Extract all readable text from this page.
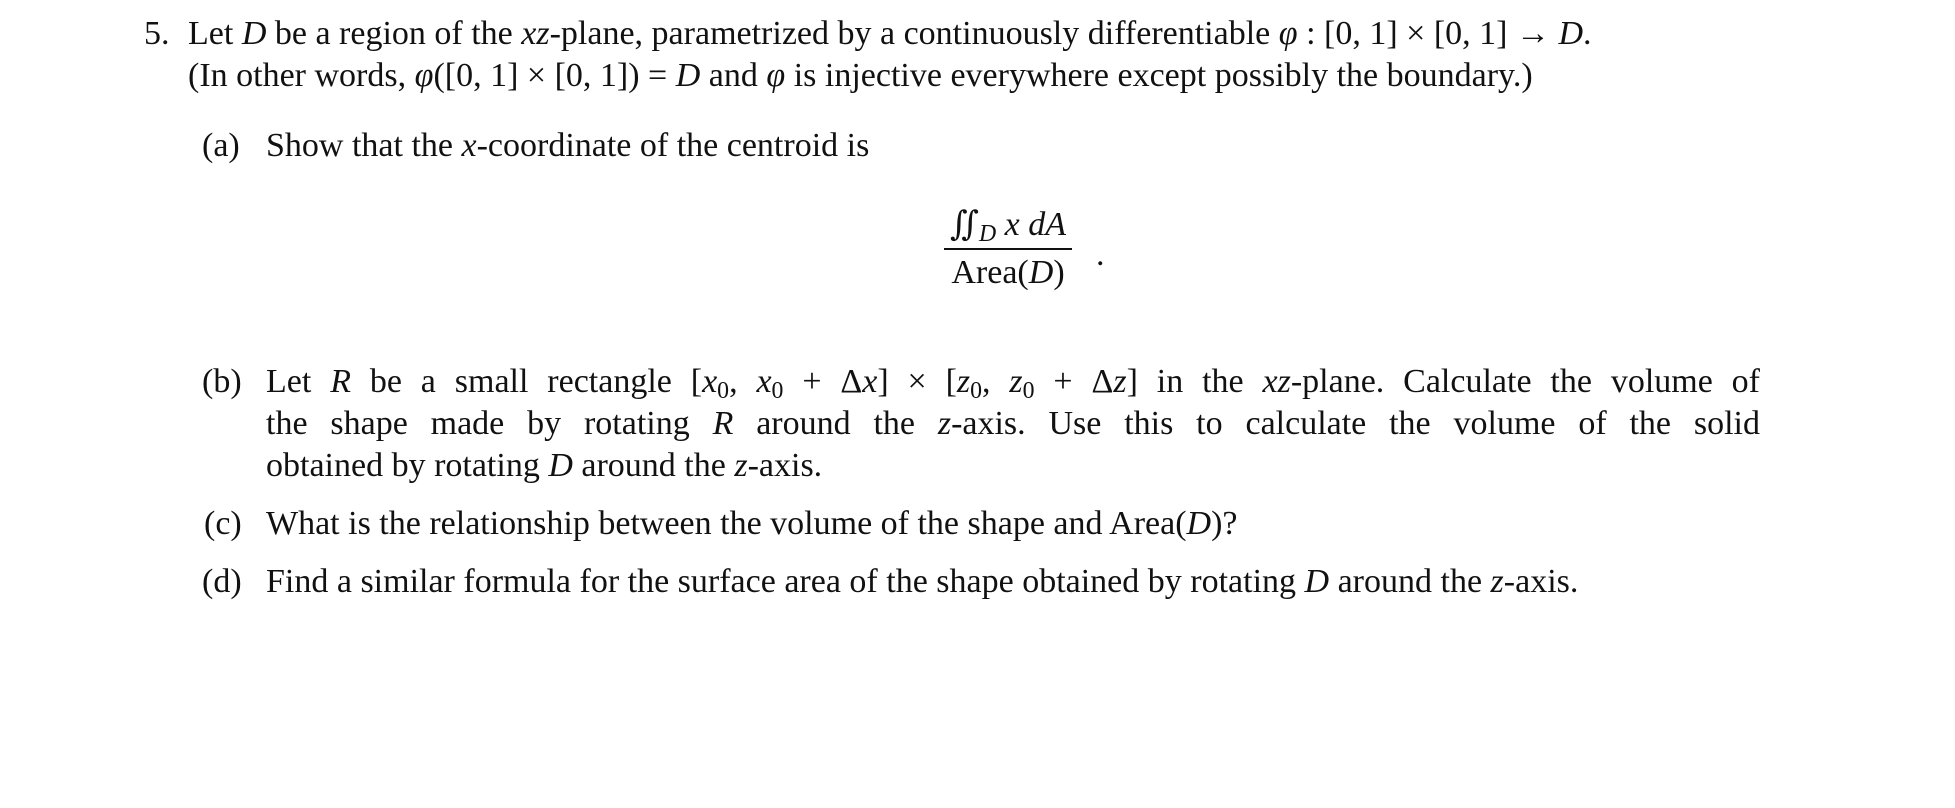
5. Let D be a region of the xz-plane, parametrized by a continuously differentiable φ : [0, 1] × [0, 1] → D.
(In other words, φ([0, 1] × [0, 1]) = D and φ is injective everywhere except possibly the boundary.)
(a) Show that the x-coordinate of the centroid is
$∬_D$ x dA
Area(D) .
(b) Let R be a small rectangle [$x_0$, $x_0 + \Delta x] \times [z_0$, $z_0 + \Delta z$] in the xz-plane. Calculate the volume of
the shape made by rotating R around the z-axis. Use this to calculate the volume of the solid
obtained by rotating D around the z-axis.
(c) What is the relationship between the volume of the shape and Area(D)?
(d) Find a similar formula for the surface area of the shape obtained by rotating D around the z-axis.
